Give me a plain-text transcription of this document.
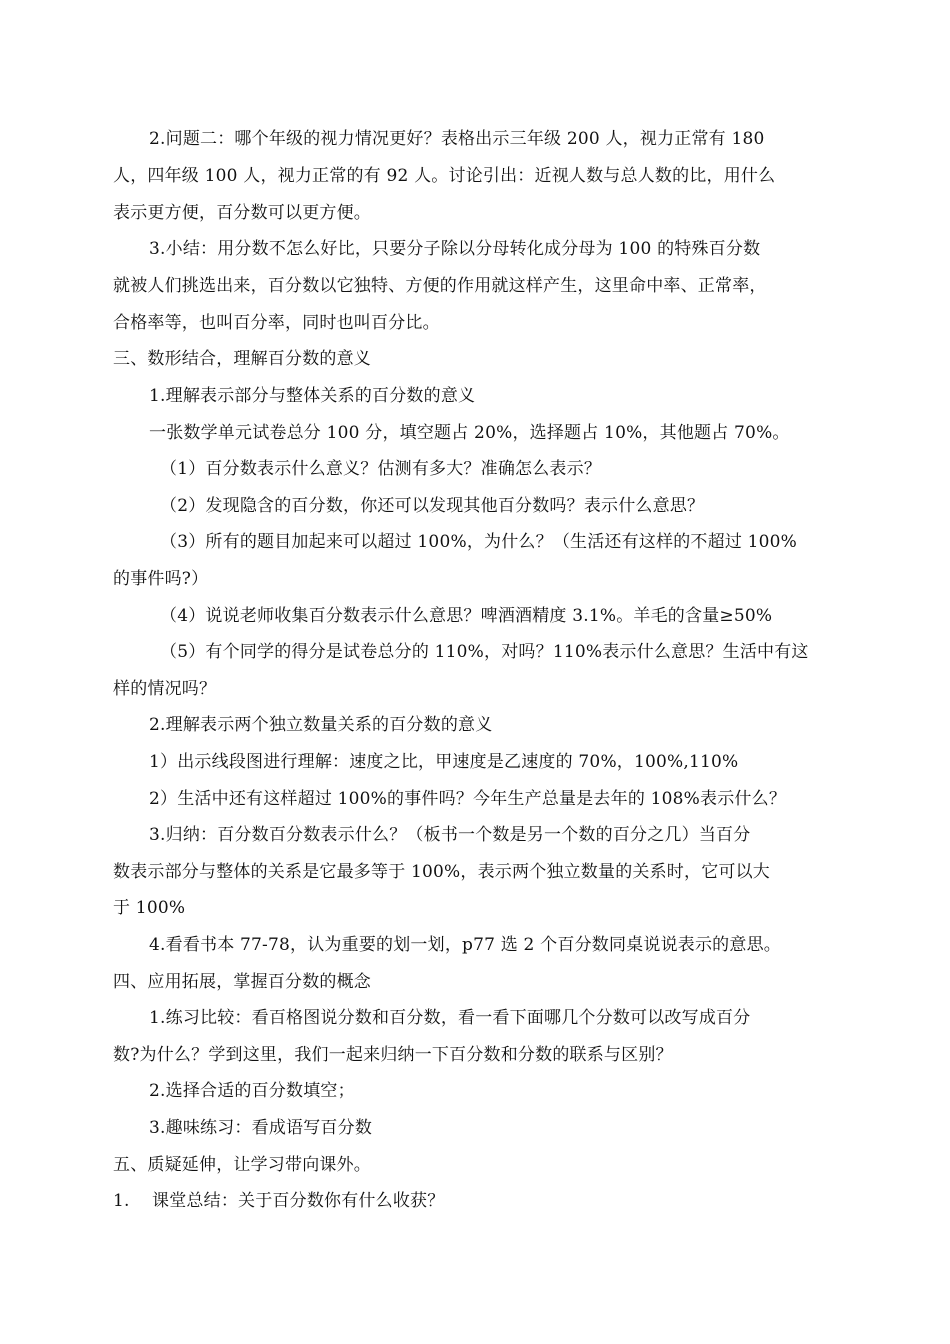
2.问题二：哪个年级的视力情况更好？表格出示三年级 200 人，视力正常有 180
人，四年级 100 人，视力正常的有 92 人。讨论引出：近视人数与总人数的比，用什么
表示更方便，百分数可以更方便。
3.小结：用分数不怎么好比，只要分子除以分母转化成分母为 100 的特殊百分数
就被人们挑选出来，百分数以它独特、方便的作用就这样产生，这里命中率、正常率，
合格率等，也叫百分率，同时也叫百分比。
三、数形结合，理解百分数的意义
1.理解表示部分与整体关系的百分数的意义
一张数学单元试卷总分 100 分，填空题占 20%，选择题占 10%，其他题占 70%。
（1）百分数表示什么意义？估测有多大？准确怎么表示？
（2）发现隐含的百分数，你还可以发现其他百分数吗？表示什么意思？
（3）所有的题目加起来可以超过 100%，为什么？（生活还有这样的不超过 100%
的事件吗?）
（4）说说老师收集百分数表示什么意思？啤酒酒精度 3.1%。羊毛的含量≥50%
（5）有个同学的得分是试卷总分的 110%，对吗？110%表示什么意思？生活中有这
样的情况吗？
2.理解表示两个独立数量关系的百分数的意义
1）出示线段图进行理解：速度之比，甲速度是乙速度的 70%，100%,110%
2）生活中还有这样超过 100%的事件吗？今年生产总量是去年的 108%表示什么？
3.归纳：百分数百分数表示什么？（板书一个数是另一个数的百分之几）当百分
数表示部分与整体的关系是它最多等于 100%，表示两个独立数量的关系时，它可以大
于 100%
4.看看书本 77-78，认为重要的划一划，p77 选 2 个百分数同桌说说表示的意思。
四、应用拓展，掌握百分数的概念
1.练习比较：看百格图说分数和百分数，看一看下面哪几个分数可以改写成百分
数?为什么？学到这里，我们一起来归纳一下百分数和分数的联系与区别？
2.选择合适的百分数填空；
3.趣味练习：看成语写百分数
五、质疑延伸，让学习带向课外。
1.    课堂总结：关于百分数你有什么收获？
